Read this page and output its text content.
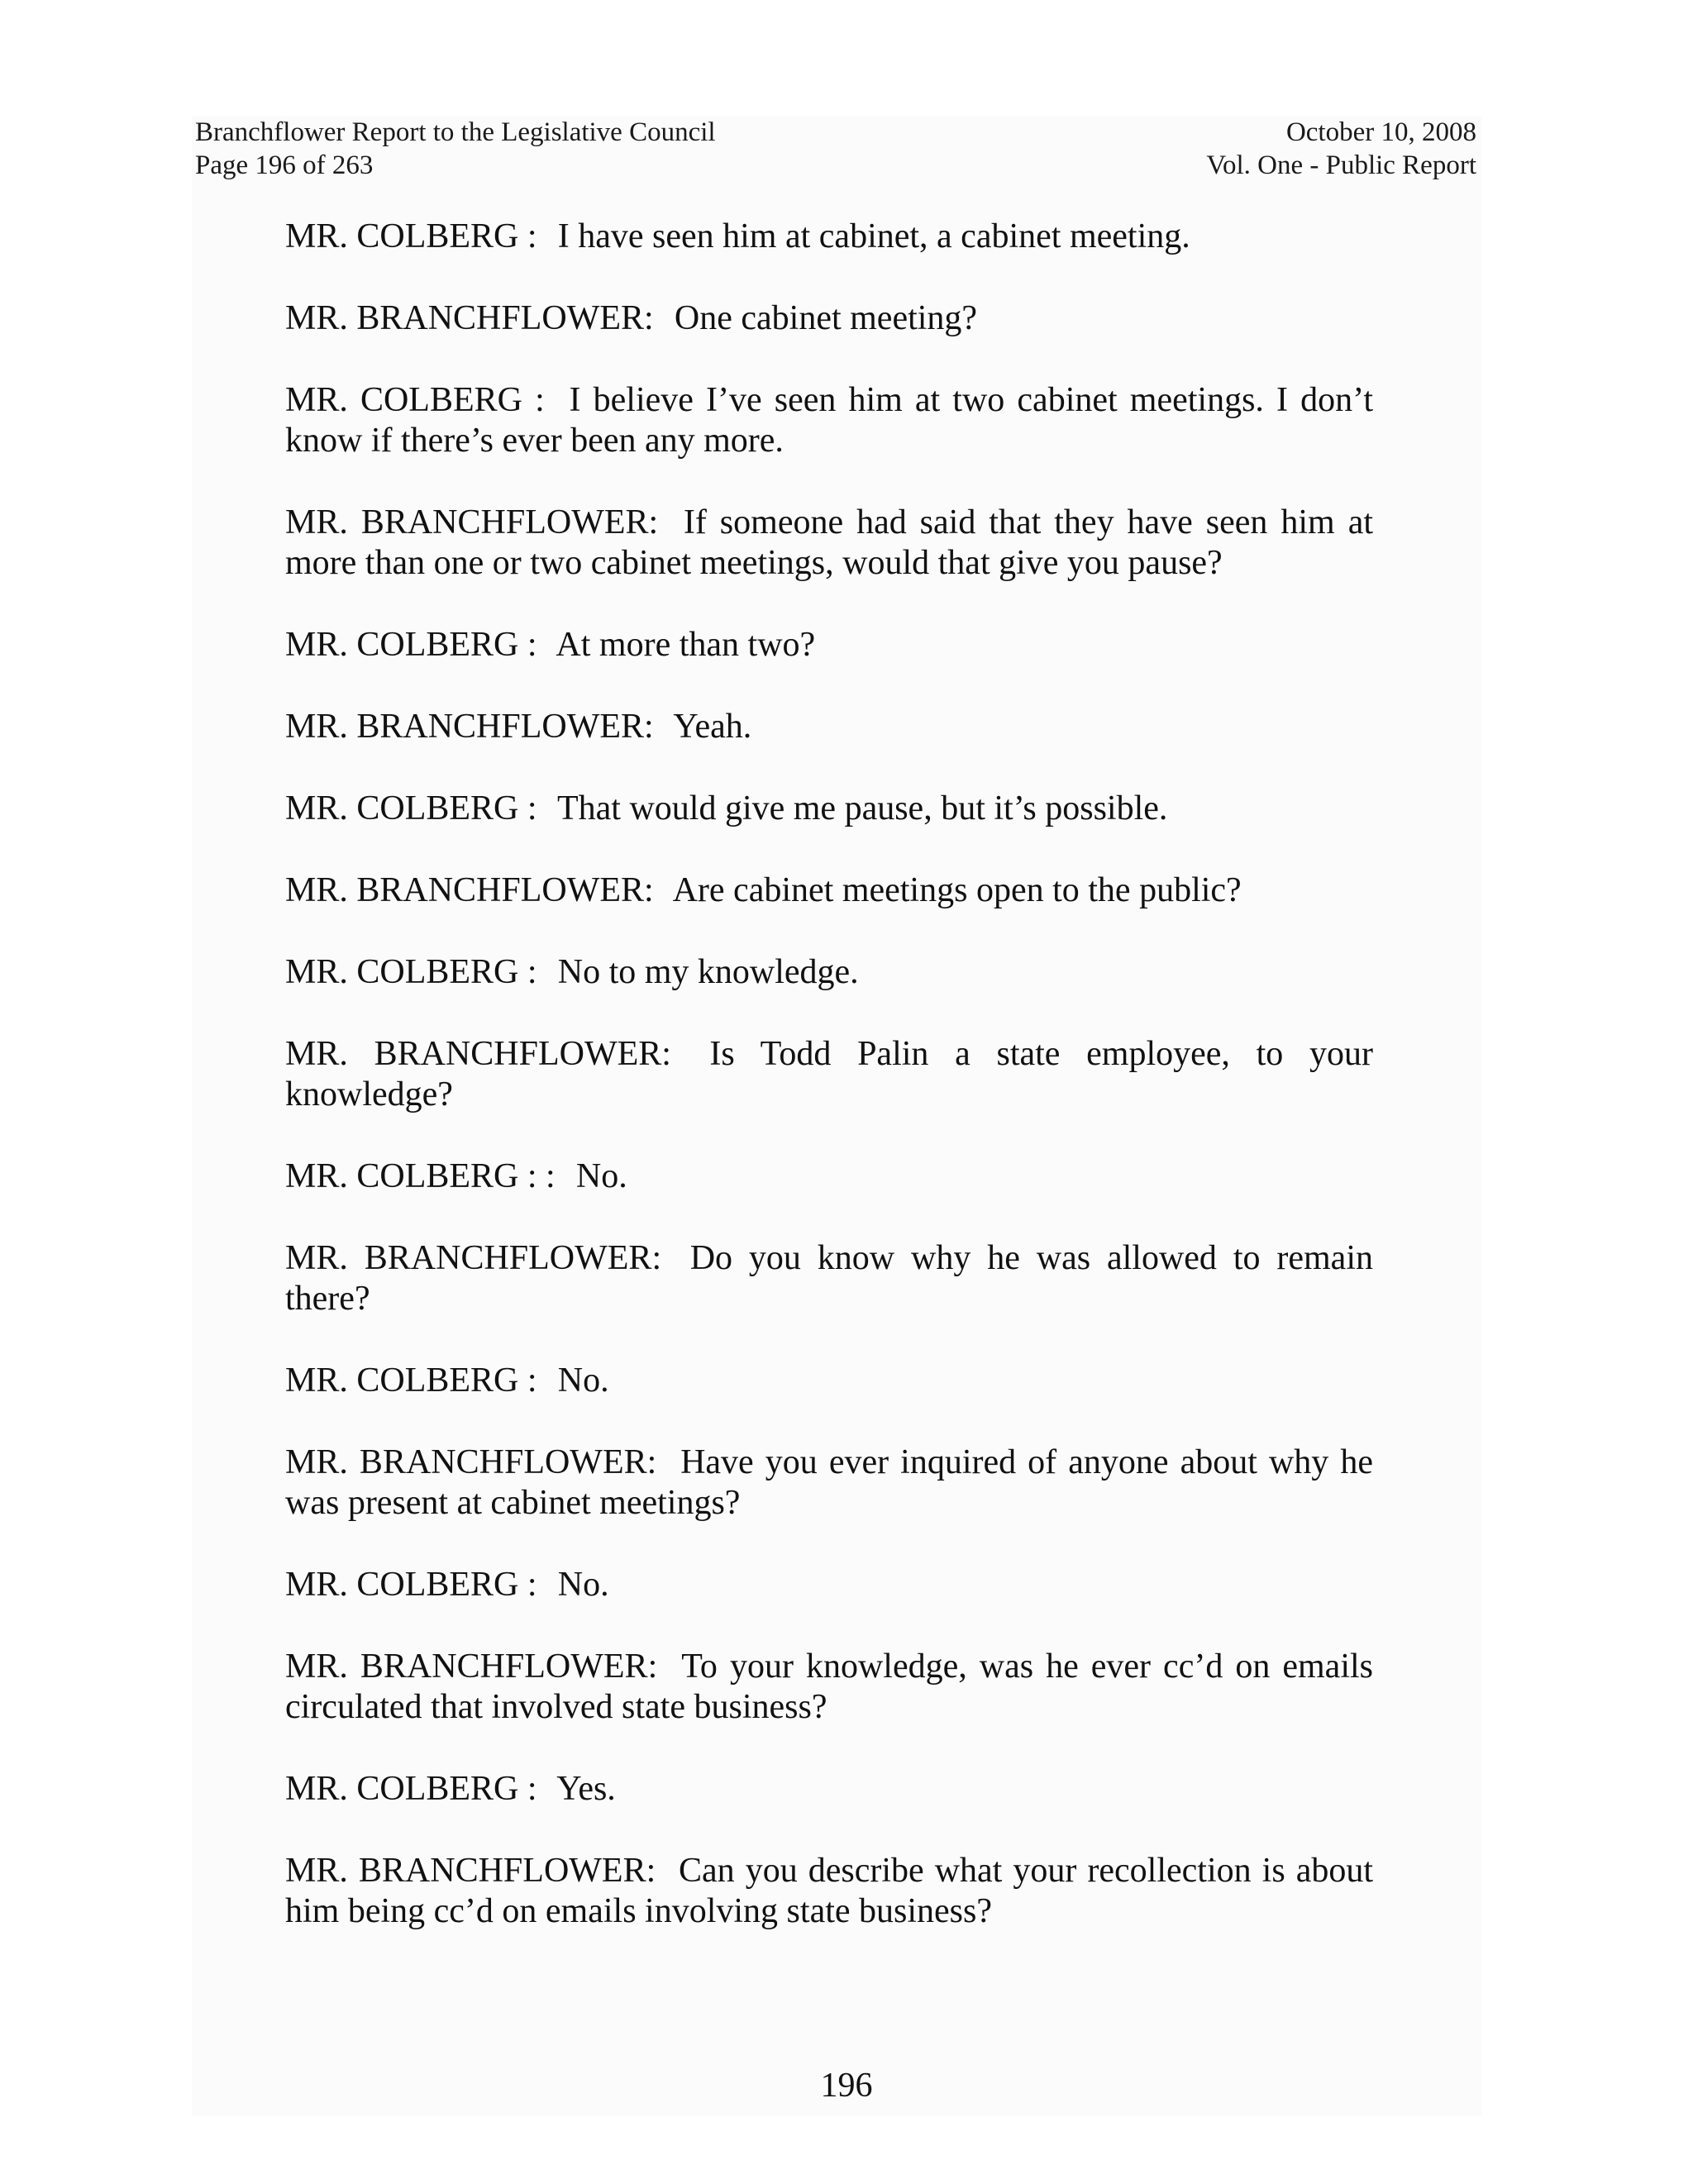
Branchflower Report to the Legislative Council
Page 196 of 263
October 10, 2008
Vol. One - Public Report

MR. COLBERG : I have seen him at cabinet, a cabinet meeting.

MR. BRANCHFLOWER: One cabinet meeting?

MR. COLBERG : I believe I’ve seen him at two cabinet meetings. I don’t know if there’s ever been any more.

MR. BRANCHFLOWER: If someone had said that they have seen him at more than one or two cabinet meetings, would that give you pause?

MR. COLBERG : At more than two?

MR. BRANCHFLOWER: Yeah.

MR. COLBERG : That would give me pause, but it’s possible.

MR. BRANCHFLOWER: Are cabinet meetings open to the public?

MR. COLBERG : No to my knowledge.

MR. BRANCHFLOWER: Is Todd Palin a state employee, to your knowledge?

MR. COLBERG : : No.

MR. BRANCHFLOWER: Do you know why he was allowed to remain there?

MR. COLBERG : No.

MR. BRANCHFLOWER: Have you ever inquired of anyone about why he was present at cabinet meetings?

MR. COLBERG : No.

MR. BRANCHFLOWER: To your knowledge, was he ever cc’d on emails circulated that involved state business?

MR. COLBERG : Yes.

MR. BRANCHFLOWER: Can you describe what your recollection is about him being cc’d on emails involving state business?

196
